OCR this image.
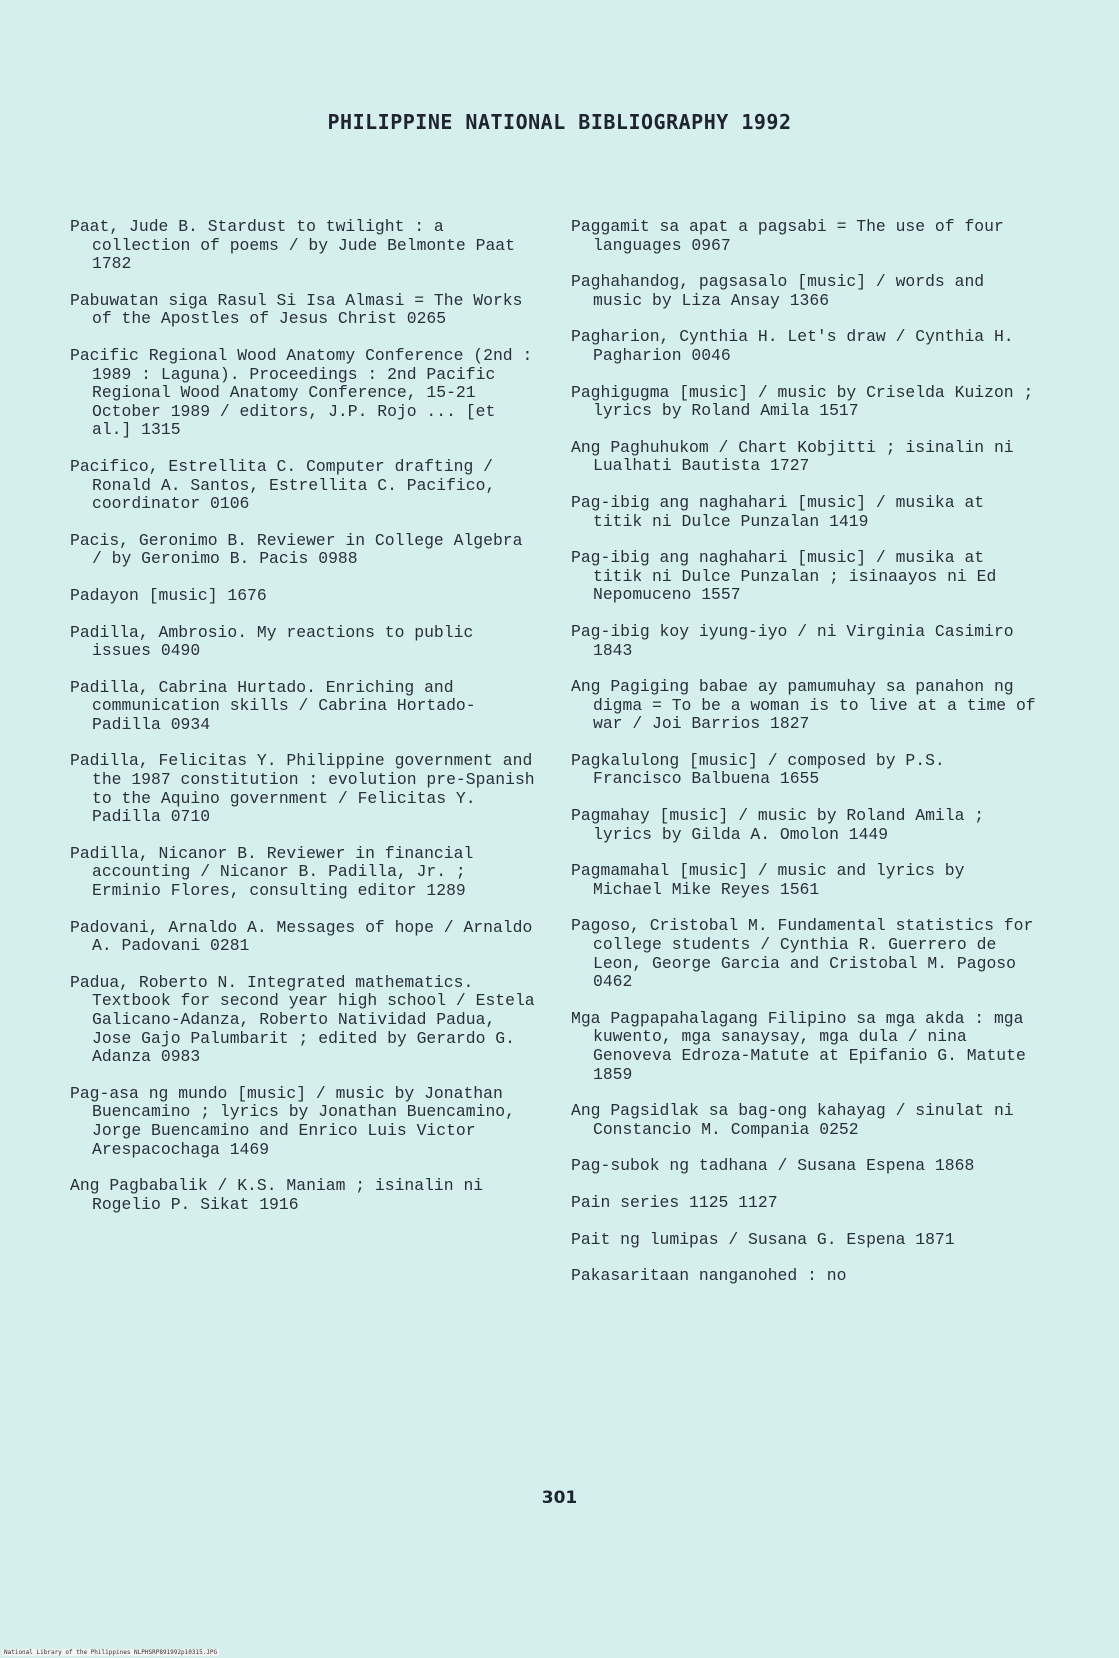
PHILIPPINE NATIONAL BIBLIOGRAPHY 1992

Paat, Jude B. Stardust to twilight : a collection of poems / by Jude Belmonte Paat 1782

Pabuwatan siga Rasul Si Isa Almasi = The Works of the Apostles of Jesus Christ 0265

Pacific Regional Wood Anatomy Conference (2nd : 1989 : Laguna). Proceedings : 2nd Pacific Regional Wood Anatomy Conference, 15-21 October 1989 / editors, J.P. Rojo ... [et al.] 1315

Pacifico, Estrellita C. Computer drafting / Ronald A. Santos, Estrellita C. Pacifico, coordinator 0106

Pacis, Geronimo B. Reviewer in College Algebra / by Geronimo B. Pacis 0988

Padayon [music] 1676

Padilla, Ambrosio. My reactions to public issues 0490

Padilla, Cabrina Hurtado. Enriching and communication skills / Cabrina Hortado-Padilla 0934

Padilla, Felicitas Y. Philippine government and the 1987 constitution : evolution pre-Spanish to the Aquino government / Felicitas Y. Padilla 0710

Padilla, Nicanor B. Reviewer in financial accounting / Nicanor B. Padilla, Jr. ; Erminio Flores, consulting editor 1289

Padovani, Arnaldo A. Messages of hope / Arnaldo A. Padovani 0281

Padua, Roberto N. Integrated mathematics. Textbook for second year high school / Estela Galicano-Adanza, Roberto Natividad Padua, Jose Gajo Palumbarit ; edited by Gerardo G. Adanza 0983

Pag-asa ng mundo [music] / music by Jonathan Buencamino ; lyrics by Jonathan Buencamino, Jorge Buencamino and Enrico Luis Victor Arespacochaga 1469

Ang Pagbabalik / K.S. Maniam ; isinalin ni Rogelio P. Sikat 1916

Paggamit sa apat a pagsabi = The use of four languages 0967

Paghahandog, pagsasalo [music] / words and music by Liza Ansay 1366

Pagharion, Cynthia H. Let's draw / Cynthia H. Pagharion 0046

Paghigugma [music] / music by Criselda Kuizon ; lyrics by Roland Amila 1517

Ang Paghuhukom / Chart Kobjitti ; isinalin ni Lualhati Bautista 1727

Pag-ibig ang naghahari [music] / musika at titik ni Dulce Punzalan 1419

Pag-ibig ang naghahari [music] / musika at titik ni Dulce Punzalan ; isinaayos ni Ed Nepomuceno 1557

Pag-ibig koy iyung-iyo / ni Virginia Casimiro 1843

Ang Pagiging babae ay pamumuhay sa panahon ng digma = To be a woman is to live at a time of war / Joi Barrios 1827

Pagkalulong [music] / composed by P.S. Francisco Balbuena 1655

Pagmahay [music] / music by Roland Amila ; lyrics by Gilda A. Omolon 1449

Pagmamahal [music] / music and lyrics by Michael Mike Reyes 1561

Pagoso, Cristobal M. Fundamental statistics for college students / Cynthia R. Guerrero de Leon, George Garcia and Cristobal M. Pagoso 0462

Mga Pagpapahalagang Filipino sa mga akda : mga kuwento, mga sanaysay, mga dula / nina Genoveva Edroza-Matute at Epifanio G. Matute 1859

Ang Pagsidlak sa bag-ong kahayag / sinulat ni Constancio M. Compania 0252

Pag-subok ng tadhana / Susana Espena 1868

Pain series 1125 1127

Pait ng lumipas / Susana G. Espena 1871

Pakasaritaan nanganohed : no

301
National Library of the Philippines NLPHSRP891992p10315.JPG
